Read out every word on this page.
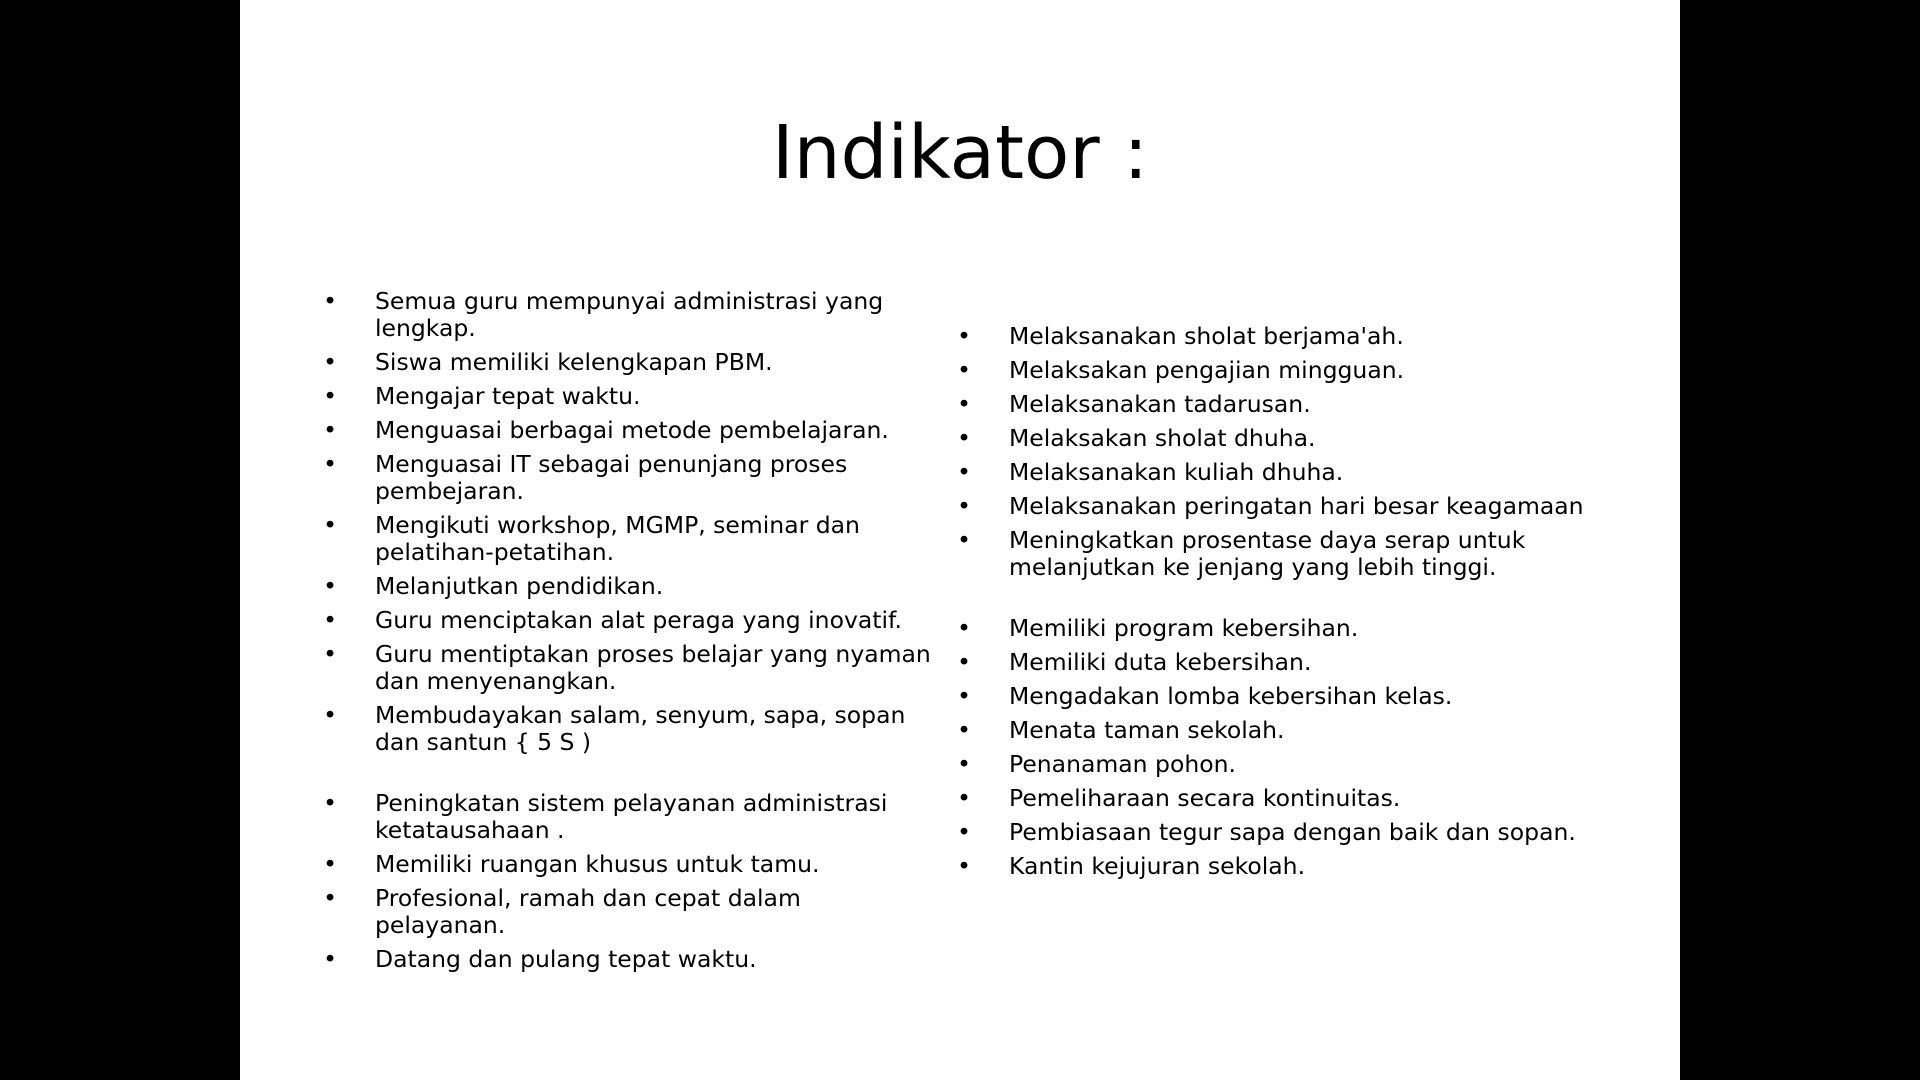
Indikator :
• Semua guru mempunyai administrasi yang lengkap.
• Siswa memiliki kelengkapan PBM.
• Mengajar tepat waktu.
• Menguasai berbagai metode pembelajaran.
• Menguasai IT sebagai penunjang proses pembejaran.
• Mengikuti workshop, MGMP, seminar dan pelatihan-petatihan.
• Melanjutkan pendidikan.
• Guru menciptakan alat peraga yang inovatif.
• Guru mentiptakan proses belajar yang nyaman dan menyenangkan.
• Membudayakan salam, senyum, sapa, sopan dan santun { 5 S )
• Peningkatan sistem pelayanan administrasi ketatausahaan .
• Memiliki ruangan khusus untuk tamu.
• Profesional, ramah dan cepat dalam pelayanan.
• Datang dan pulang tepat waktu.
• Melaksanakan sholat berjama'ah.
• Melaksakan pengajian mingguan.
• Melaksanakan tadarusan.
• Melaksakan sholat dhuha.
• Melaksanakan kuliah dhuha.
• Melaksanakan peringatan hari besar keagamaan
• Meningkatkan prosentase daya serap untuk melanjutkan ke jenjang yang lebih tinggi.
• Memiliki program kebersihan.
• Memiliki duta kebersihan.
• Mengadakan lomba kebersihan kelas.
• Menata taman sekolah.
• Penanaman pohon.
• Pemeliharaan secara kontinuitas.
• Pembiasaan tegur sapa dengan baik dan sopan.
• Kantin kejujuran sekolah.
